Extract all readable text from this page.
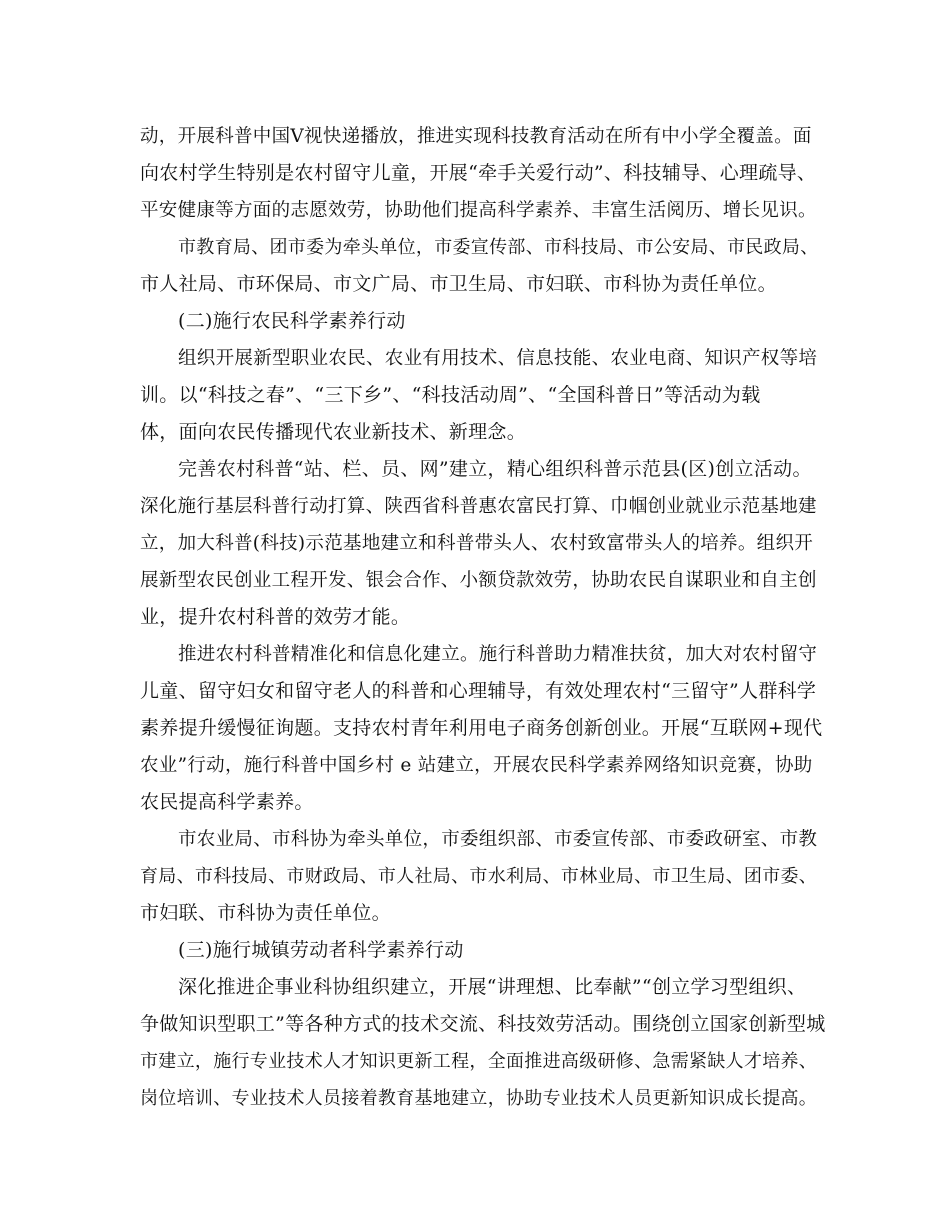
动，开展科普中国Ⅴ视快递播放，推进实现科技教育活动在所有中小学全覆盖。面
向农村学生特别是农村留守儿童，开展“牵手关爱行动”、科技辅导、心理疏导、
平安健康等方面的志愿效劳，协助他们提高科学素养、丰富生活阅历、增长见识。
市教育局、团市委为牵头单位，市委宣传部、市科技局、市公安局、市民政局、
市人社局、市环保局、市文广局、市卫生局、市妇联、市科协为责任单位。
(二)施行农民科学素养行动
组织开展新型职业农民、农业有用技术、信息技能、农业电商、知识产权等培
训。以“科技之春”、“三下乡”、“科技活动周”、“全国科普日”等活动为载
体，面向农民传播现代农业新技术、新理念。
完善农村科普“站、栏、员、网”建立，精心组织科普示范县(区)创立活动。
深化施行基层科普行动打算、陕西省科普惠农富民打算、巾帼创业就业示范基地建
立，加大科普(科技)示范基地建立和科普带头人、农村致富带头人的培养。组织开
展新型农民创业工程开发、银会合作、小额贷款效劳，协助农民自谋职业和自主创
业，提升农村科普的效劳才能。
推进农村科普精准化和信息化建立。施行科普助力精准扶贫，加大对农村留守
儿童、留守妇女和留守老人的科普和心理辅导，有效处理农村“三留守”人群科学
素养提升缓慢征询题。支持农村青年利用电子商务创新创业。开展“互联网+现代
农业”行动，施行科普中国乡村 e 站建立，开展农民科学素养网络知识竞赛，协助
农民提高科学素养。
市农业局、市科协为牵头单位，市委组织部、市委宣传部、市委政研室、市教
育局、市科技局、市财政局、市人社局、市水利局、市林业局、市卫生局、团市委、
市妇联、市科协为责任单位。
(三)施行城镇劳动者科学素养行动
深化推进企事业科协组织建立，开展“讲理想、比奉献”“创立学习型组织、
争做知识型职工”等各种方式的技术交流、科技效劳活动。围绕创立国家创新型城
市建立，施行专业技术人才知识更新工程，全面推进高级研修、急需紧缺人才培养、
岗位培训、专业技术人员接着教育基地建立，协助专业技术人员更新知识成长提高。
